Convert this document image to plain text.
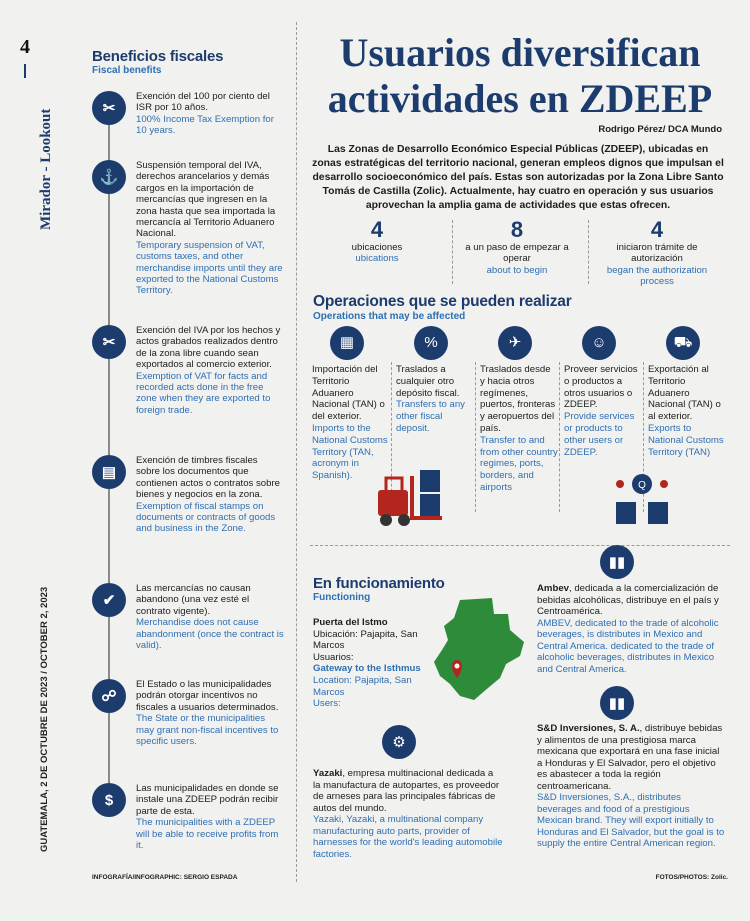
4
Mirador - Lookout
GUATEMALA, 2 DE OCTUBRE DE 2023 / OCTOBER 2, 2023
Beneficios fiscales
Fiscal benefits
✂
Exención del 100 por ciento del ISR por 10 años.
100% Income Tax Exemption for 10 years.
⚓
Suspensión temporal del IVA, derechos arancelarios y demás cargos en la importación de mercancías que ingresen en la zona hasta que sea importada la mercancía al Territorio Aduanero Nacional.
Temporary suspension of VAT, customs taxes, and other merchandise imports until they are exported to the National Customs Territory.
✂
Exención del IVA por los hechos y actos grabados realizados dentro de la zona libre cuando sean exportados al comercio exterior.
Exemption of VAT for facts and recorded acts done in the free zone when they are exported to foreign trade.
▤
Exención de timbres fiscales sobre los documentos que contienen actos o contratos sobre bienes y negocios en la zona.
Exemption of fiscal stamps on documents or contracts of goods and business in the Zone.
✔
Las mercancías no causan abandono (una vez esté el contrato vigente).
Merchandise does not cause abandonment (once the contract is valid).
☍
El Estado o las municipalidades podrán otorgar incentivos no fiscales a usuarios determinados.
The State or the municipalities may grant non-fiscal incentives to specific users.
$
Las municipalidades en donde se instale una ZDEEP podrán recibir parte de esta.
The municipalities with a ZDEEP will be able to receive profits from it.
Usuarios diversifican actividades en ZDEEP
Rodrigo Pérez/ DCA Mundo
Las Zonas de Desarrollo Económico Especial Públicas (ZDEEP), ubicadas en zonas estratégicas del territorio nacional, generan empleos dignos que impulsan el desarrollo socioeconómico del país. Estas son autorizadas por la Zona Libre Santo Tomás de Castilla (Zolic). Actualmente, hay cuatro en operación y sus usuarios aprovechan la amplia gama de actividades que estas ofrecen.
4
ubicaciones
ubications
8
a un paso de empezar a operar
about to begin
4
iniciaron trámite de autorización
began the authorization process
Operaciones que se pueden realizar
Operations that may be affected
▦
Importación del Territorio Aduanero Nacional (TAN) o del exterior.
Imports to the National Customs Territory (TAN, acronym in Spanish).
%
Traslados a cualquier otro depósito fiscal.
Transfers to any other fiscal deposit.
✈
Traslados desde y hacia otros regímenes, puertos, fronteras y aeropuertos del país.
Transfer to and from other country regimes, ports, borders, and airports
☺
Proveer servicios o productos a otros usuarios o ZDEEP.
Provide services or products to other users or ZDEEP.
⛟
Exportación al Territorio Aduanero Nacional (TAN) o al exterior.
Exports to National Customs Territory (TAN)
Q
En funcionamiento
Functioning
Puerta del Istmo
Ubicación: Pajapita, San Marcos
Usuarios:
Gateway to the Isthmus
Location: Pajapita, San Marcos
Users:
⚙
Yazaki, empresa multinacional dedicada a la manufactura de autopartes, es proveedor de arneses para las principales fábricas de autos del mundo.
Yazaki, Yazaki, a multinational company manufacturing auto parts, provider of harnesses for the world's leading automobile factories.
▮▮
Ambev, dedicada a la comercialización de bebidas alcohólicas, distribuye en el país y Centroamérica.
AMBEV, dedicated to the trade of alcoholic beverages, is distributes in Mexico and Central America. dedicated to the trade of alcoholic beverages, distributes in Mexico and Central America.
▮▮
S&D Inversiones, S. A., distribuye bebidas y alimentos de una prestigiosa marca mexicana que exportará en una fase inicial a Honduras y El Salvador, pero el objetivo es abastecer a toda la región centroamericana.
S&D Inversiones, S.A., distributes beverages and food of a prestigious Mexican brand. They will export initially to Honduras and El Salvador, but the goal is to supply the entire Central American region.
INFOGRAFÍA/INFOGRAPHIC: SERGIO ESPADA	FOTOS/PHOTOS: Zolic.
